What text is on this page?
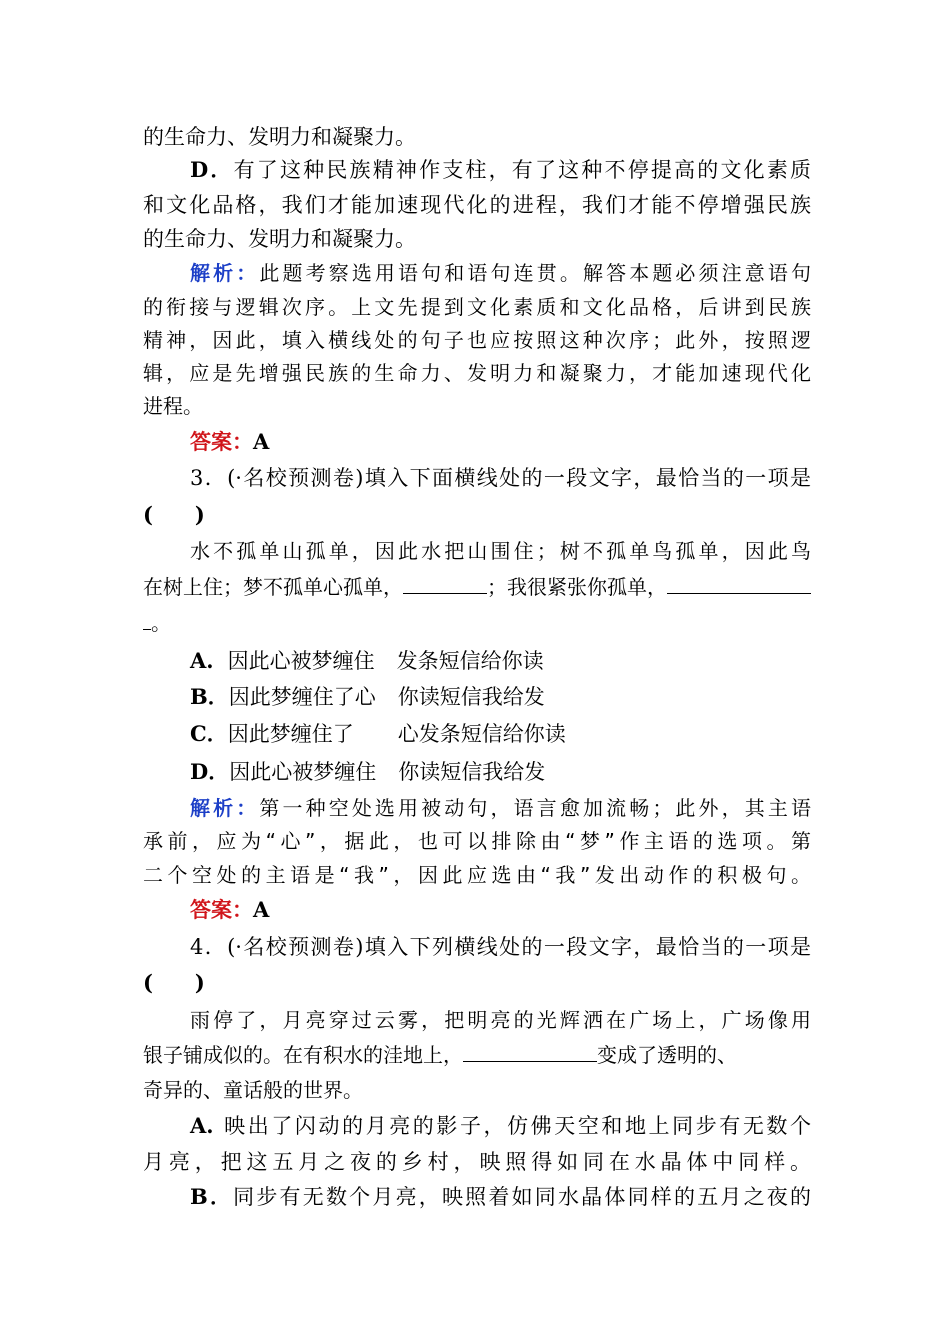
的生命力、发明力和凝聚力。
D．有了这种民族精神作支柱，有了这种不停提高的文化素质
和文化品格，我们才能加速现代化的进程，我们才能不停增强民族
的生命力、发明力和凝聚力。
解析：此题考察选用语句和语句连贯。解答本题必须注意语句
的衔接与逻辑次序。上文先提到文化素质和文化品格，后讲到民族
精神，因此，填入横线处的句子也应按照这种次序；此外，按照逻
辑，应是先增强民族的生命力、发明力和凝聚力，才能加速现代化
进程。
答案：A
3．(·名校预测卷)填入下面横线处的一段文字，最恰当的一项是
(　　)
水不孤单山孤单，因此水把山围住；树不孤单鸟孤单，因此鸟
在树上住；梦不孤单心孤单，	；我很紧张你孤单，
。
A. 因此心被梦缠住 发条短信给你读
B．因此梦缠住了心 你读短信我给发
C．因此梦缠住了 心发条短信给你读
D．因此心被梦缠住 你读短信我给发
解析：第一种空处选用被动句，语言愈加流畅；此外，其主语
承前，应为“心”，据此，也可以排除由“梦”作主语的选项。第
二个空处的主语是“我”，因此应选由“我”发出动作的积极句。
答案：A
4．(·名校预测卷)填入下列横线处的一段文字，最恰当的一项是
(　　)
雨停了，月亮穿过云雾，把明亮的光辉洒在广场上，广场像用
银子铺成似的。在有积水的洼地上，	变成了透明的、
奇异的、童话般的世界。
A. 映出了闪动的月亮的影子，仿佛天空和地上同步有无数个
月亮，把这五月之夜的乡村，映照得如同在水晶体中同样。
B．同步有无数个月亮，映照着如同水晶体同样的五月之夜的
